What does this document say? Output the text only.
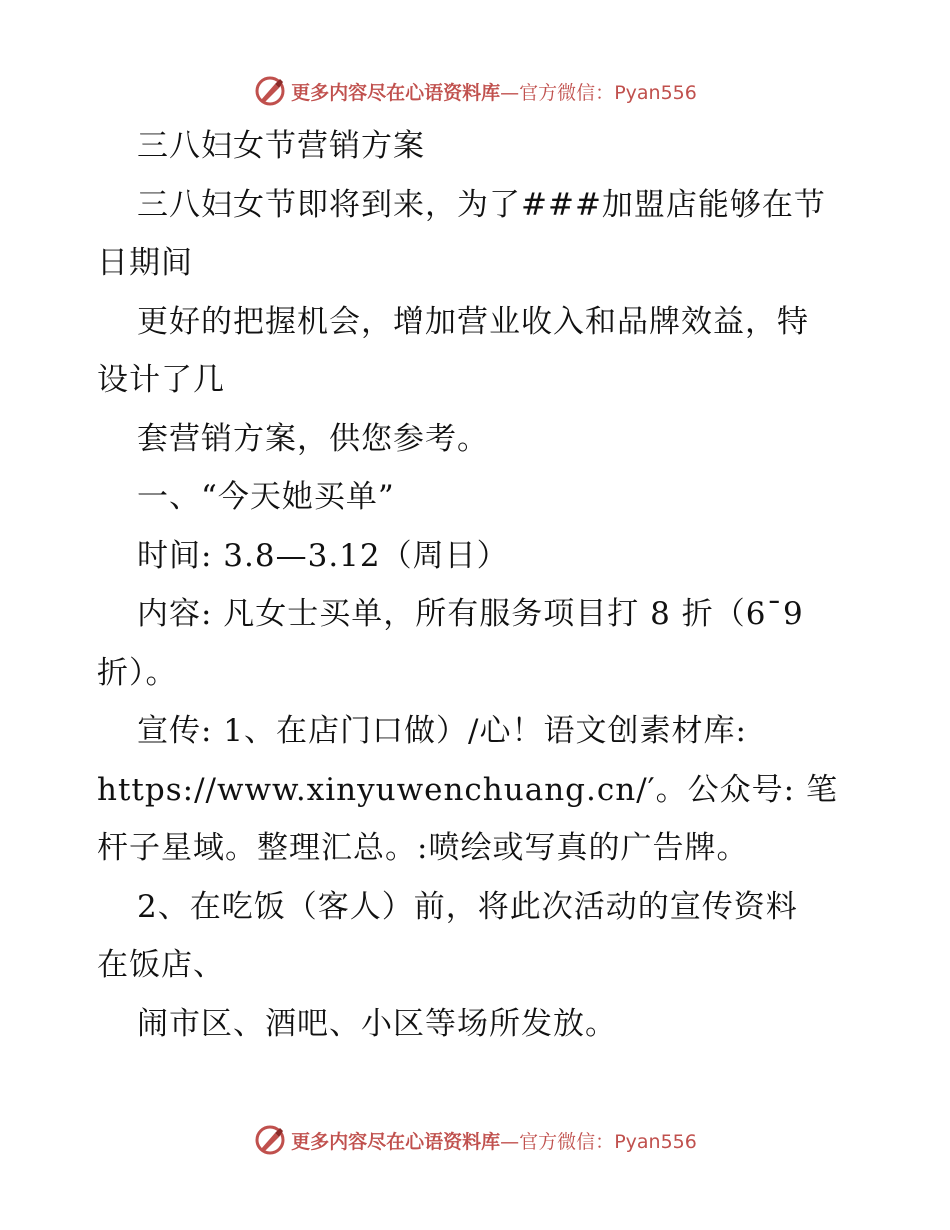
更多内容尽在心语资料库—官方微信：Pyan556
三八妇女节营销方案
三八妇女节即将到来，为了###加盟店能够在节
日期间
更好的把握机会，增加营业收入和品牌效益，特
设计了几
套营销方案，供您参考。
一、“今天她买单”
时间: 3.8—3.12（周日）
内容: 凡女士买单，所有服务项目打 8 折（6¯9
折）。
宣传: 1、在店门口做）/心！语文创素材库:
https://www.xinyuwenchuang.cn/′。公众号: 笔
杆子星域。整理汇总。:喷绘或写真的广告牌。
2、在吃饭（客人）前，将此次活动的宣传资料
在饭店、
闹市区、酒吧、小区等场所发放。
更多内容尽在心语资料库—官方微信：Pyan556
